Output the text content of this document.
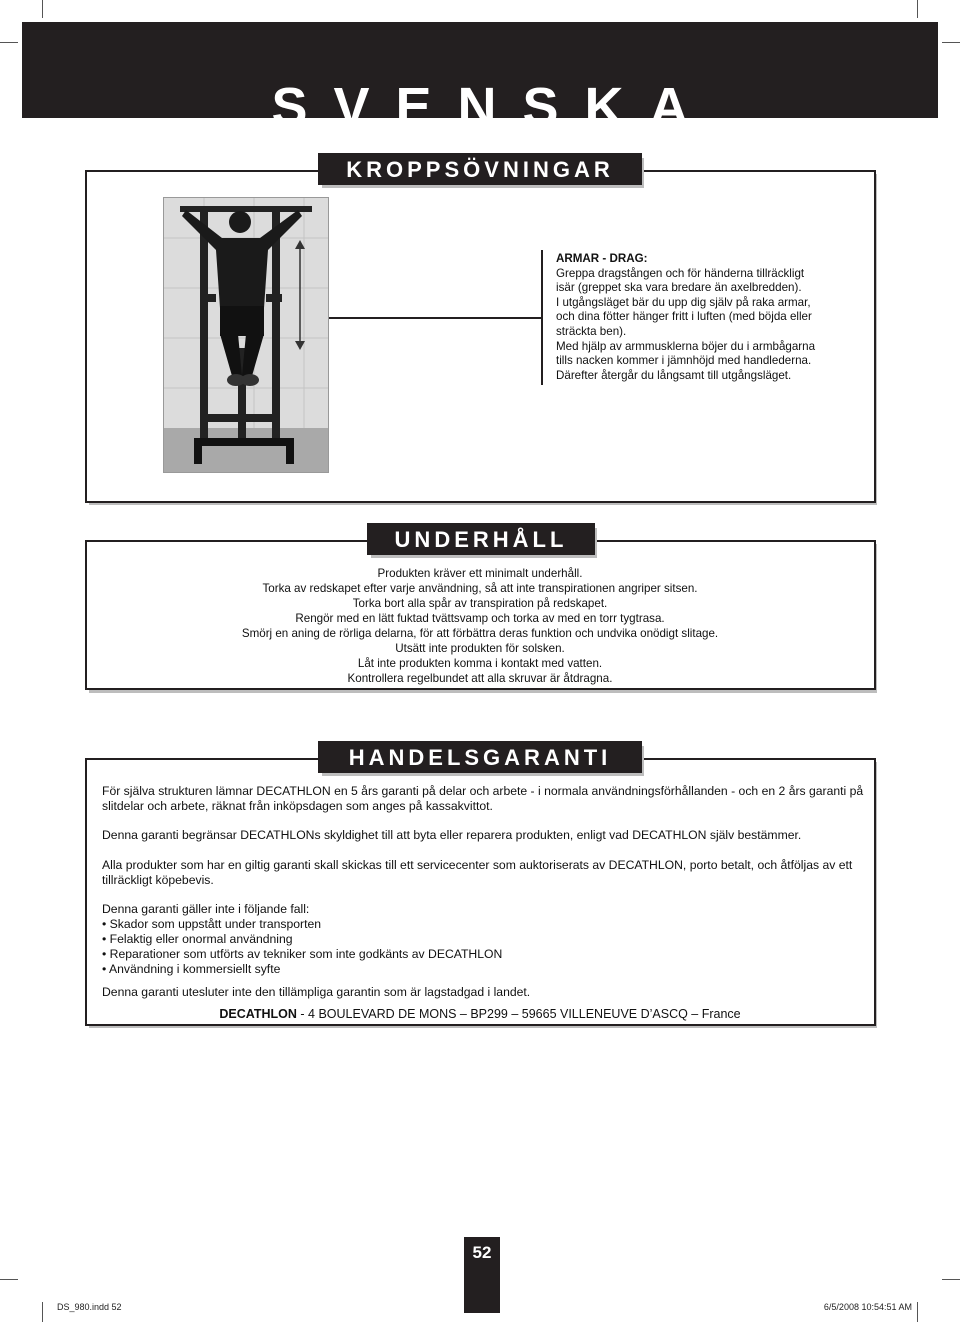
SVENSKA
KROPPSÖVNINGAR
ARMAR - DRAG:
Greppa dragstången och för händerna tillräckligt
isär (greppet ska vara bredare än axelbredden).
I utgångsläget bär du upp dig själv på raka armar,
och dina fötter hänger fritt i luften (med böjda eller
sträckta ben).
Med hjälp av armmusklerna böjer du i armbågarna
tills nacken kommer i jämnhöjd med handlederna.
Därefter återgår du långsamt till utgångsläget.
UNDERHÅLL
Produkten kräver ett minimalt underhåll.
Torka av redskapet efter varje användning, så att inte transpirationen angriper sitsen.
Torka bort alla spår av transpiration på redskapet.
Rengör med en lätt fuktad tvättsvamp och torka av med en torr tygtrasa.
Smörj en aning de rörliga delarna, för att förbättra deras funktion och undvika onödigt slitage.
Utsätt inte produkten för solsken.
Låt inte produkten komma i kontakt med vatten.
Kontrollera regelbundet att alla skruvar är åtdragna.
HANDELSGARANTI

För själva strukturen lämnar DECATHLON en 5 års garanti på delar och arbete - i normala användningsförhållanden - och en 2 års garanti på slitdelar och arbete, räknat från inköpsdagen som anges på kassakvittot.

Denna garanti begränsar DECATHLONs skyldighet till att byta eller reparera produkten, enligt vad DECATHLON själv bestämmer.

Alla produkter som har en giltig garanti skall skickas till ett servicecenter som auktoriserats av DECATHLON, porto betalt, och åtföljas av ett tillräckligt köpebevis.

Denna garanti gäller inte i följande fall:

• Skador som uppstått under transporten

• Felaktig eller onormal användning

• Reparationer som utförts av tekniker som inte godkänts av DECATHLON

• Användning i kommersiellt syfte

Denna garanti utesluter inte den tillämpliga garantin som är lagstadgad i landet.

DECATHLON - 4 BOULEVARD DE MONS – BP299 – 59665 VILLENEUVE D’ASCQ – France
52
DS_980.indd 52	6/5/2008 10:54:51 AM
